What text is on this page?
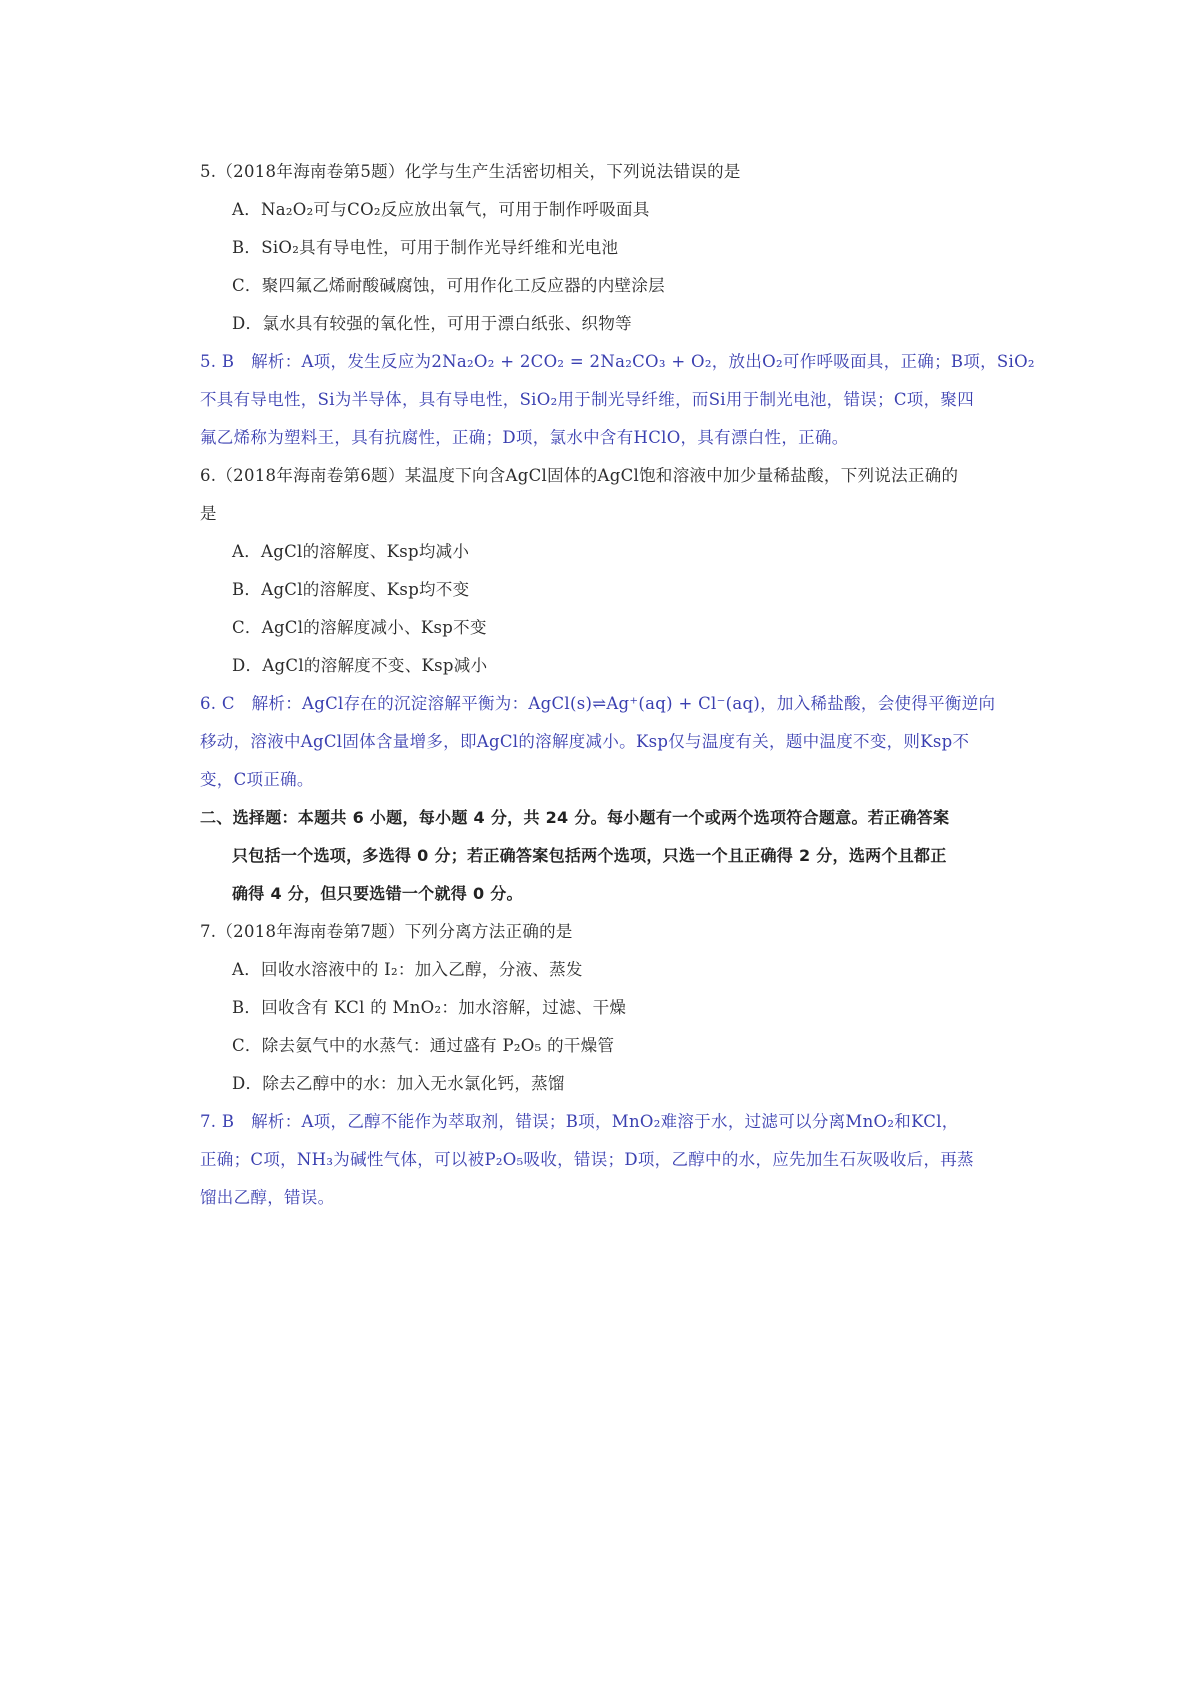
5.（2018年海南卷第5题）化学与生产生活密切相关，下列说法错误的是
A．Na₂O₂可与CO₂反应放出氧气，可用于制作呼吸面具
B．SiO₂具有导电性，可用于制作光导纤维和光电池
C．聚四氟乙烯耐酸碱腐蚀，可用作化工反应器的内壁涂层
D．氯水具有较强的氧化性，可用于漂白纸张、织物等
5. B　解析：A项，发生反应为2Na₂O₂ + 2CO₂ = 2Na₂CO₃ + O₂，放出O₂可作呼吸面具，正确；B项，SiO₂
不具有导电性，Si为半导体，具有导电性，SiO₂用于制光导纤维，而Si用于制光电池，错误；C项，聚四
氟乙烯称为塑料王，具有抗腐性，正确；D项，氯水中含有HClO，具有漂白性，正确。
6.（2018年海南卷第6题）某温度下向含AgCl固体的AgCl饱和溶液中加少量稀盐酸，下列说法正确的
是
A．AgCl的溶解度、Ksp均减小
B．AgCl的溶解度、Ksp均不变
C．AgCl的溶解度减小、Ksp不变
D．AgCl的溶解度不变、Ksp减小
6. C　解析：AgCl存在的沉淀溶解平衡为：AgCl(s)⇌Ag⁺(aq) + Cl⁻(aq)，加入稀盐酸，会使得平衡逆向
移动，溶液中AgCl固体含量增多，即AgCl的溶解度减小。Ksp仅与温度有关，题中温度不变，则Ksp不
变，C项正确。
二、选择题：本题共 6 小题，每小题 4 分，共 24 分。每小题有一个或两个选项符合题意。若正确答案
只包括一个选项，多选得 0 分；若正确答案包括两个选项，只选一个且正确得 2 分，选两个且都正
确得 4 分，但只要选错一个就得 0 分。
7.（2018年海南卷第7题）下列分离方法正确的是
A．回收水溶液中的 I₂：加入乙醇，分液、蒸发
B．回收含有 KCl 的 MnO₂：加水溶解，过滤、干燥
C．除去氨气中的水蒸气：通过盛有 P₂O₅ 的干燥管
D．除去乙醇中的水：加入无水氯化钙，蒸馏
7. B　解析：A项，乙醇不能作为萃取剂，错误；B项，MnO₂难溶于水，过滤可以分离MnO₂和KCl，
正确；C项，NH₃为碱性气体，可以被P₂O₅吸收，错误；D项，乙醇中的水，应先加生石灰吸收后，再蒸
馏出乙醇，错误。
